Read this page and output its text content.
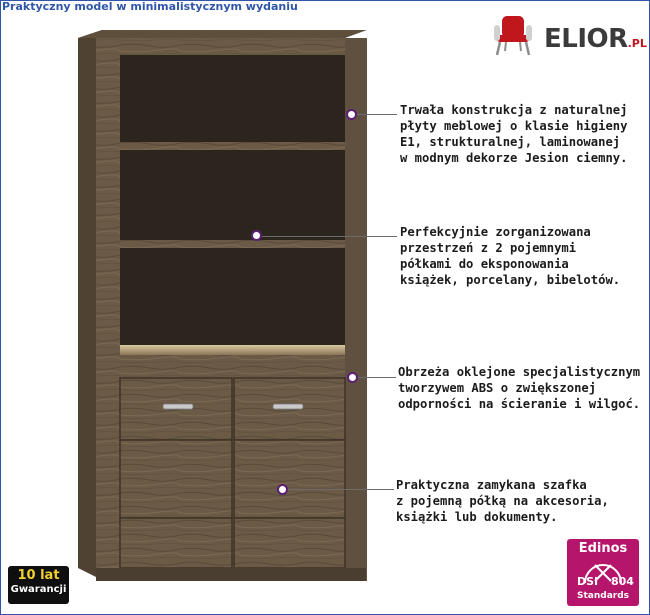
Praktyczny model w minimalistycznym wydaniu
ELIOR.PL
Trwała konstrukcja z naturalnej
płyty meblowej o klasie higieny
E1, strukturalnej, laminowanej
w modnym dekorze Jesion ciemny.
Perfekcyjnie zorganizowana
przestrzeń z 2 pojemnymi
półkami do eksponowania
książek, porcelany, bibelotów.
Obrzeża oklejone specjalistycznym
tworzywem ABS o zwiększonej
odporności na ścieranie i wilgoć.
Praktyczna zamykana szafka
z pojemną półką na akcesoria,
książki lub dokumenty.
10 lat
Gwarancji
Edinos
DSI 804
Standards
